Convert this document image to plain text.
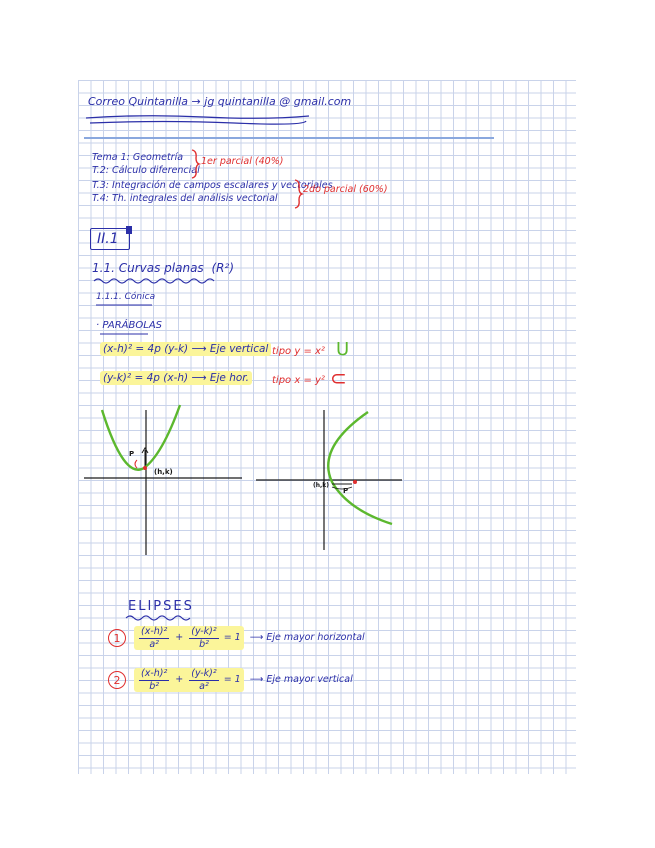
Correo Quintanilla → jg quintanilla @ gmail.com
Tema 1: Geometría
T.2: Cálculo diferencial
T.3: Integración de campos escalares y vectoriales
T.4: Th. integrales del análisis vectorial
1er parcial (40%)
2do parcial (60%)
II.1
1.1. Curvas planas (R²)
1.1.1. Cónica
· PARÁBOLAS
(x-h)² = 4p (y-k) ⟶ Eje vertical tipo y = x² U
(y-k)² = 4p (x-h) ⟶ Eje hor.	tipo x = y² ⊂
P
(h,k)
(h,k)
P
ELIPSES
1	$\frac{\text{(x-h)²}}{\text{a²}} + \frac{\text{(y-k)²}}{\text{b²}} = 1$ ⟶ Eje mayor horizontal
2	$\frac{\text{(x-h)²}}{\text{b²}} + \frac{\text{(y-k)²}}{\text{a²}} = 1$ ⟶ Eje mayor vertical
